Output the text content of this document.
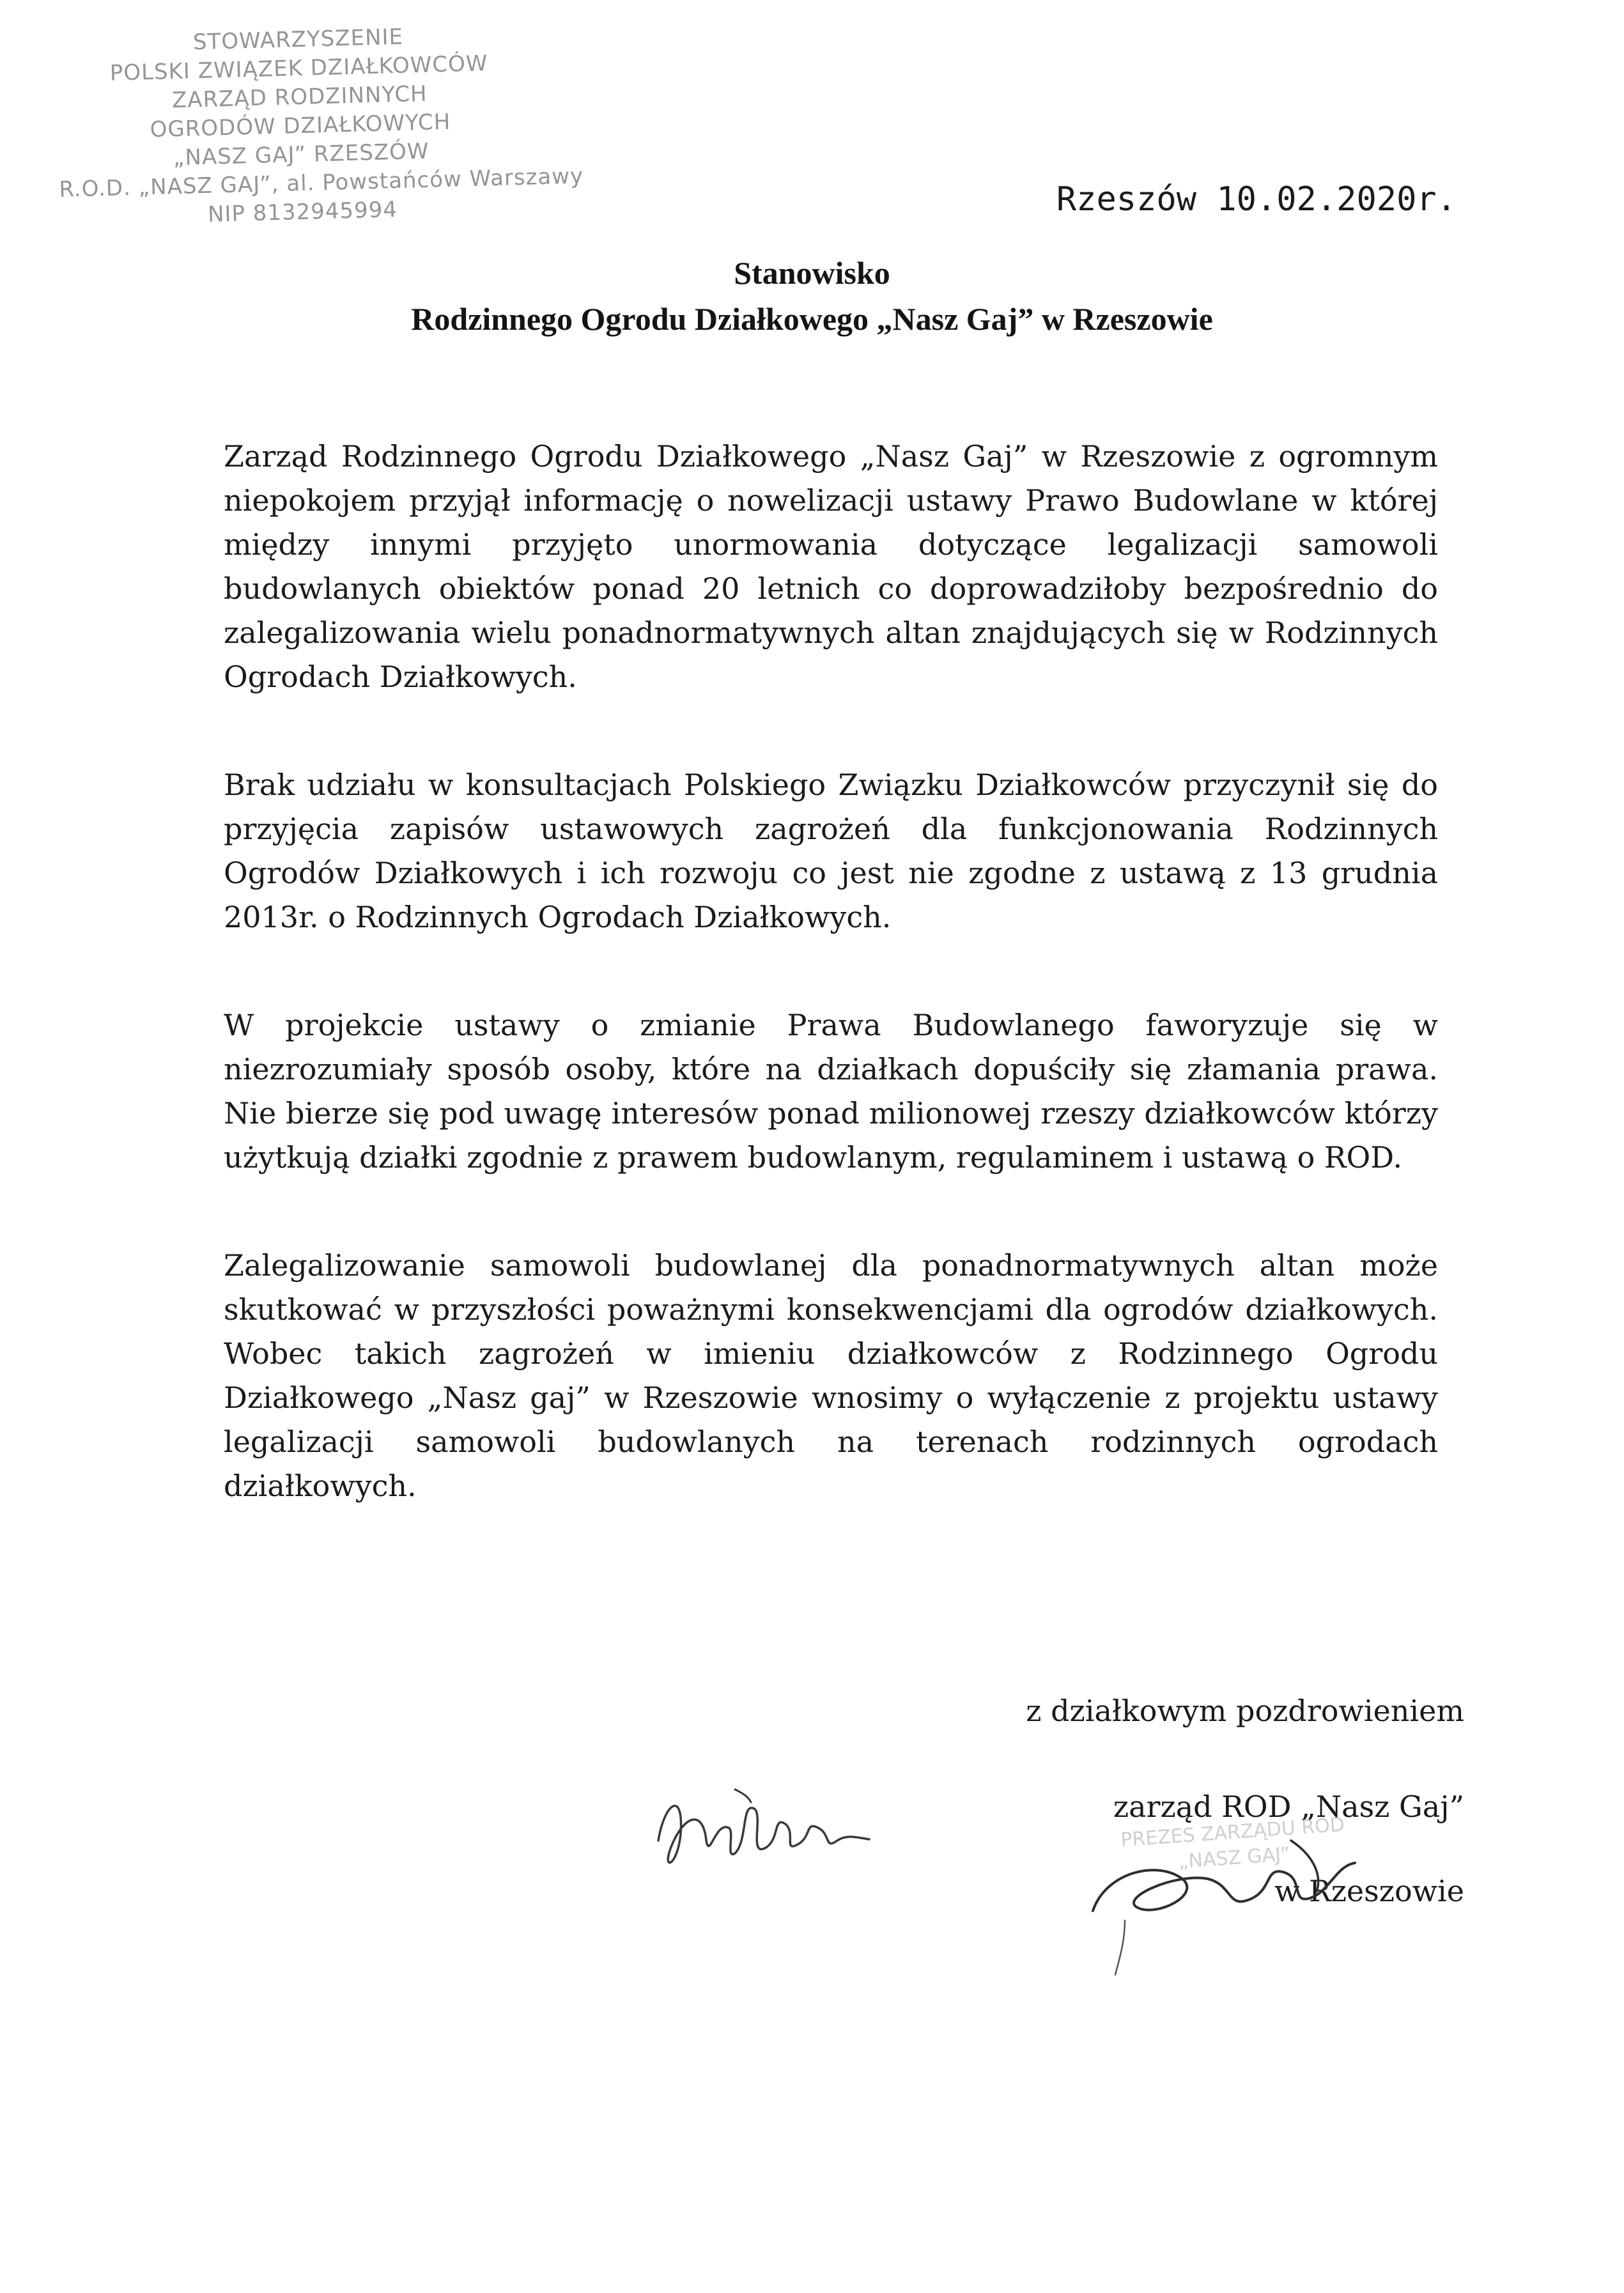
STOWARZYSZENIE
POLSKI ZWIĄZEK DZIAŁKOWCÓW
ZARZĄD RODZINNYCH
OGRODÓW DZIAŁKOWYCH
„NASZ GAJ” RZESZÓW
R.O.D. „NASZ GAJ”, al. Powstańców Warszawy
NIP 8132945994	Rzeszów 10.02.2020r.
Stanowisko
Rodzinnego Ogrodu Działkowego „Nasz Gaj” w Rzeszowie

Zarząd Rodzinnego Ogrodu Działkowego „Nasz Gaj” w Rzeszowie z ogromnym niepokojem przyjął informację o nowelizacji ustawy Prawo Budowlane w której między innymi przyjęto unormowania dotyczące legalizacji samowoli budowlanych obiektów ponad 20 letnich co doprowadziłoby bezpośrednio do zalegalizowania wielu ponadnormatywnych altan znajdujących się w Rodzinnych Ogrodach Działkowych.

Brak udziału w konsultacjach Polskiego Związku Działkowców przyczynił się do przyjęcia zapisów ustawowych zagrożeń dla funkcjonowania Rodzinnych Ogrodów Działkowych i ich rozwoju co jest nie zgodne z ustawą z 13 grudnia 2013r. o Rodzinnych Ogrodach Działkowych.

W projekcie ustawy o zmianie Prawa Budowlanego faworyzuje się w niezrozumiały sposób osoby, które na działkach dopuściły się złamania prawa. Nie bierze się pod uwagę interesów ponad milionowej rzeszy działkowców którzy użytkują działki zgodnie z prawem budowlanym, regulaminem i ustawą o ROD.

Zalegalizowanie samowoli budowlanej dla ponadnormatywnych altan może skutkować w przyszłości poważnymi konsekwencjami dla ogrodów działkowych. Wobec takich zagrożeń w imieniu działkowców z Rodzinnego Ogrodu Działkowego „Nasz gaj” w Rzeszowie wnosimy o wyłączenie z projektu ustawy legalizacji samowoli budowlanych na terenach rodzinnych ogrodach działkowych.

z działkowym pozdrowieniem
zarząd ROD „Nasz Gaj”
PREZES ZARZĄDU ROD
„NASZ GAJ”
w Rzeszowie
